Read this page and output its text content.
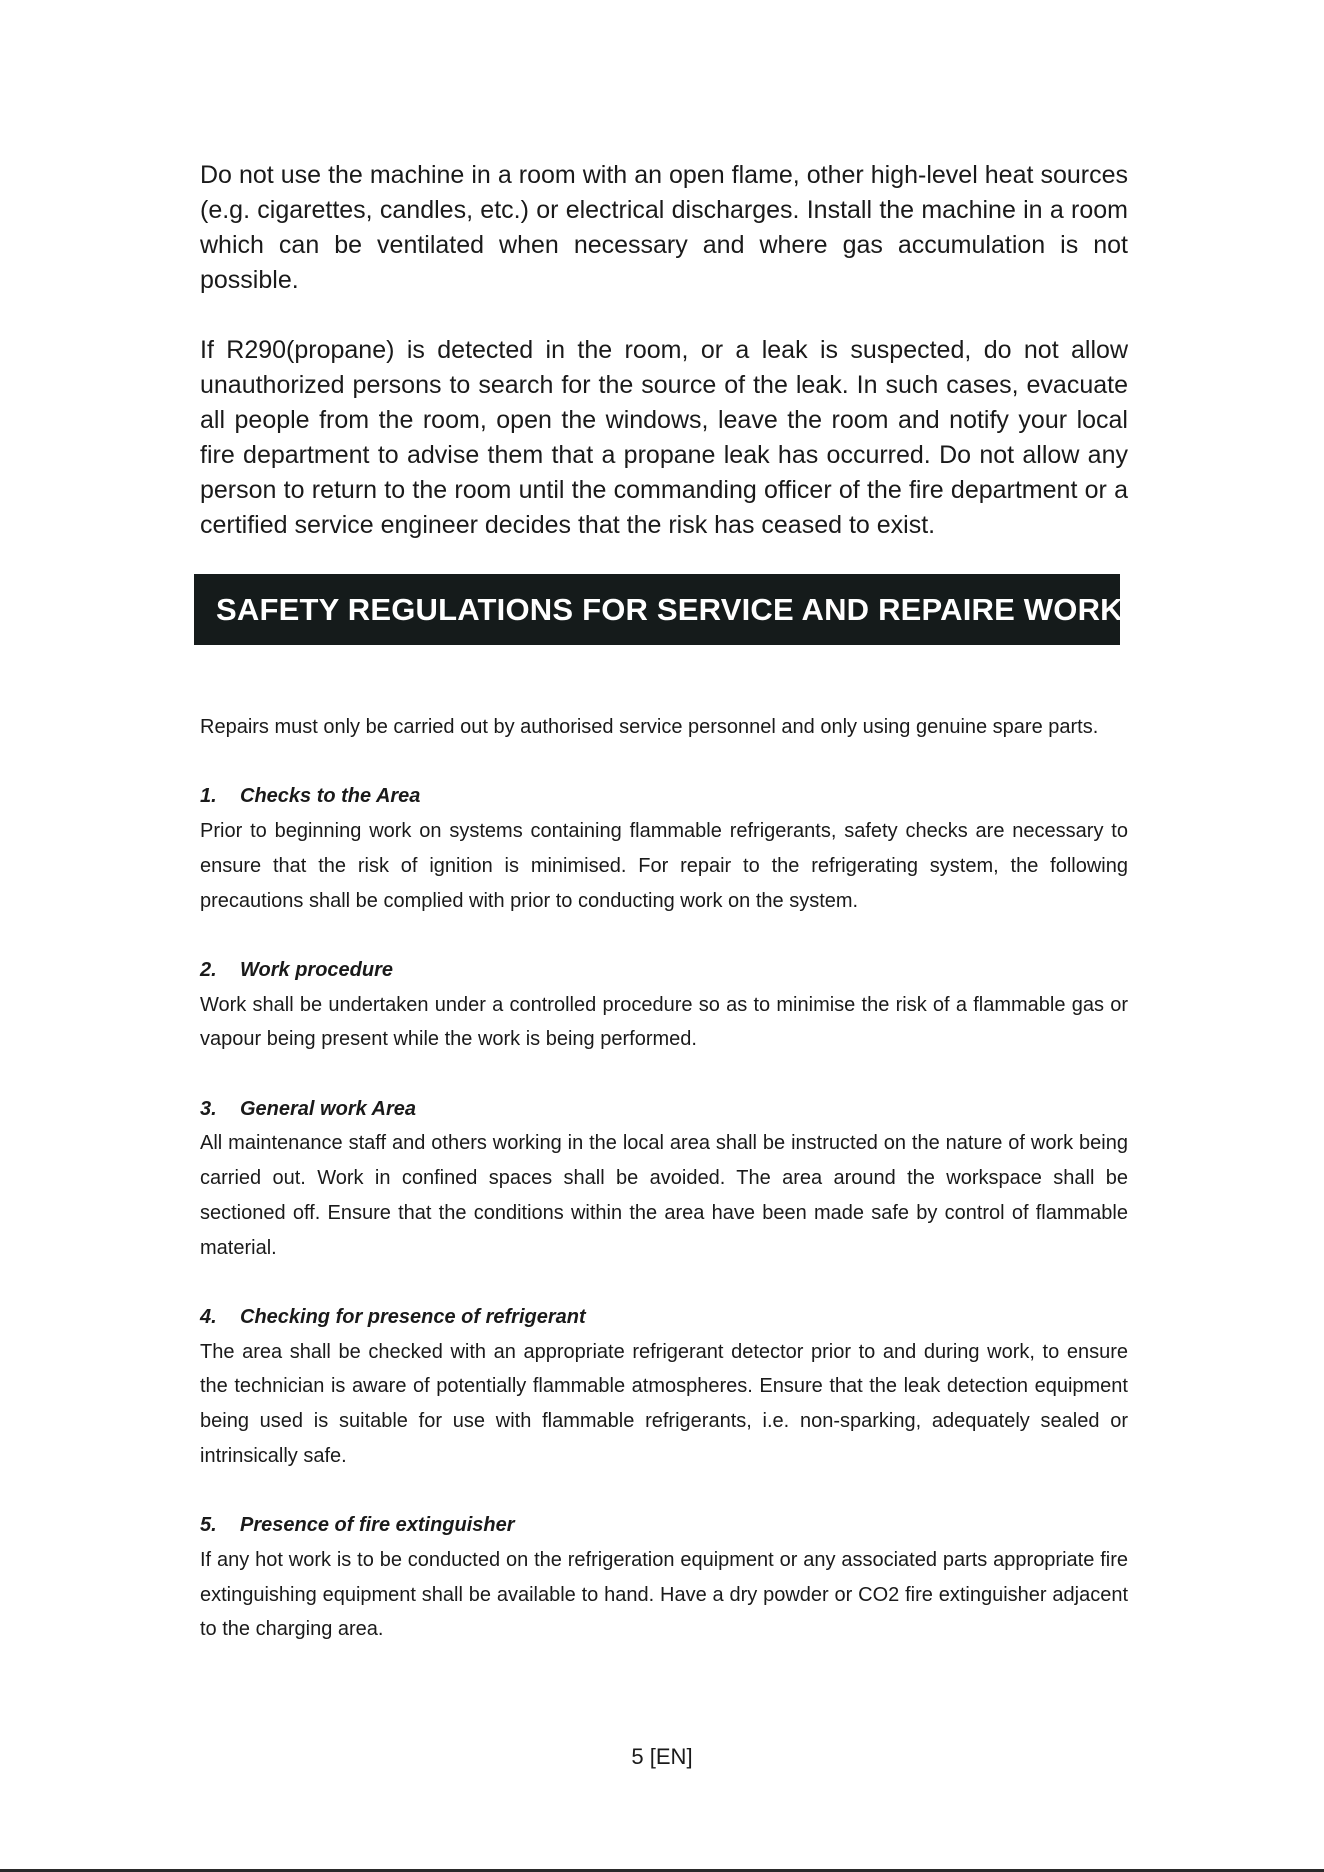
Do not use the machine in a room with an open flame, other high-level heat sources (e.g. cigarettes, candles, etc.) or electrical discharges. Install the machine in a room which can be ventilated when necessary and where gas accumulation is not possible.

If R290(propane) is detected in the room, or a leak is suspected, do not allow unauthorized persons to search for the source of the leak. In such cases, evacuate all people from the room, open the windows, leave the room and notify your local fire department to advise them that a propane leak has occurred. Do not allow any person to return to the room until the commanding officer of the fire department or a certified service engineer decides that the risk has ceased to exist.

SAFETY REGULATIONS FOR SERVICE AND REPAIRE WORK

Repairs must only be carried out by authorised service personnel and only using genuine spare parts.

1.	Checks to the Area

Prior to beginning work on systems containing flammable refrigerants, safety checks are necessary to ensure that the risk of ignition is minimised. For repair to the refrigerating system, the following precautions shall be complied with prior to conducting work on the system.

2.	Work procedure

Work shall be undertaken under a controlled procedure so as to minimise the risk of a flammable gas or vapour being present while the work is being performed.

3.	General work Area

All maintenance staff and others working in the local area shall be instructed on the nature of work being carried out. Work in confined spaces shall be avoided. The area around the workspace shall be sectioned off. Ensure that the conditions within the area have been made safe by control of flammable material.

4.	Checking for presence of refrigerant

The area shall be checked with an appropriate refrigerant detector prior to and during work, to ensure the technician is aware of potentially flammable atmospheres. Ensure that the leak detection equipment being used is suitable for use with flammable refrigerants, i.e. non-sparking, adequately sealed or intrinsically safe.

5.	Presence of fire extinguisher

If any hot work is to be conducted on the refrigeration equipment or any associated parts appropriate fire extinguishing equipment shall be available to hand. Have a dry powder or CO2 fire extinguisher adjacent to the charging area.

5 [EN]
